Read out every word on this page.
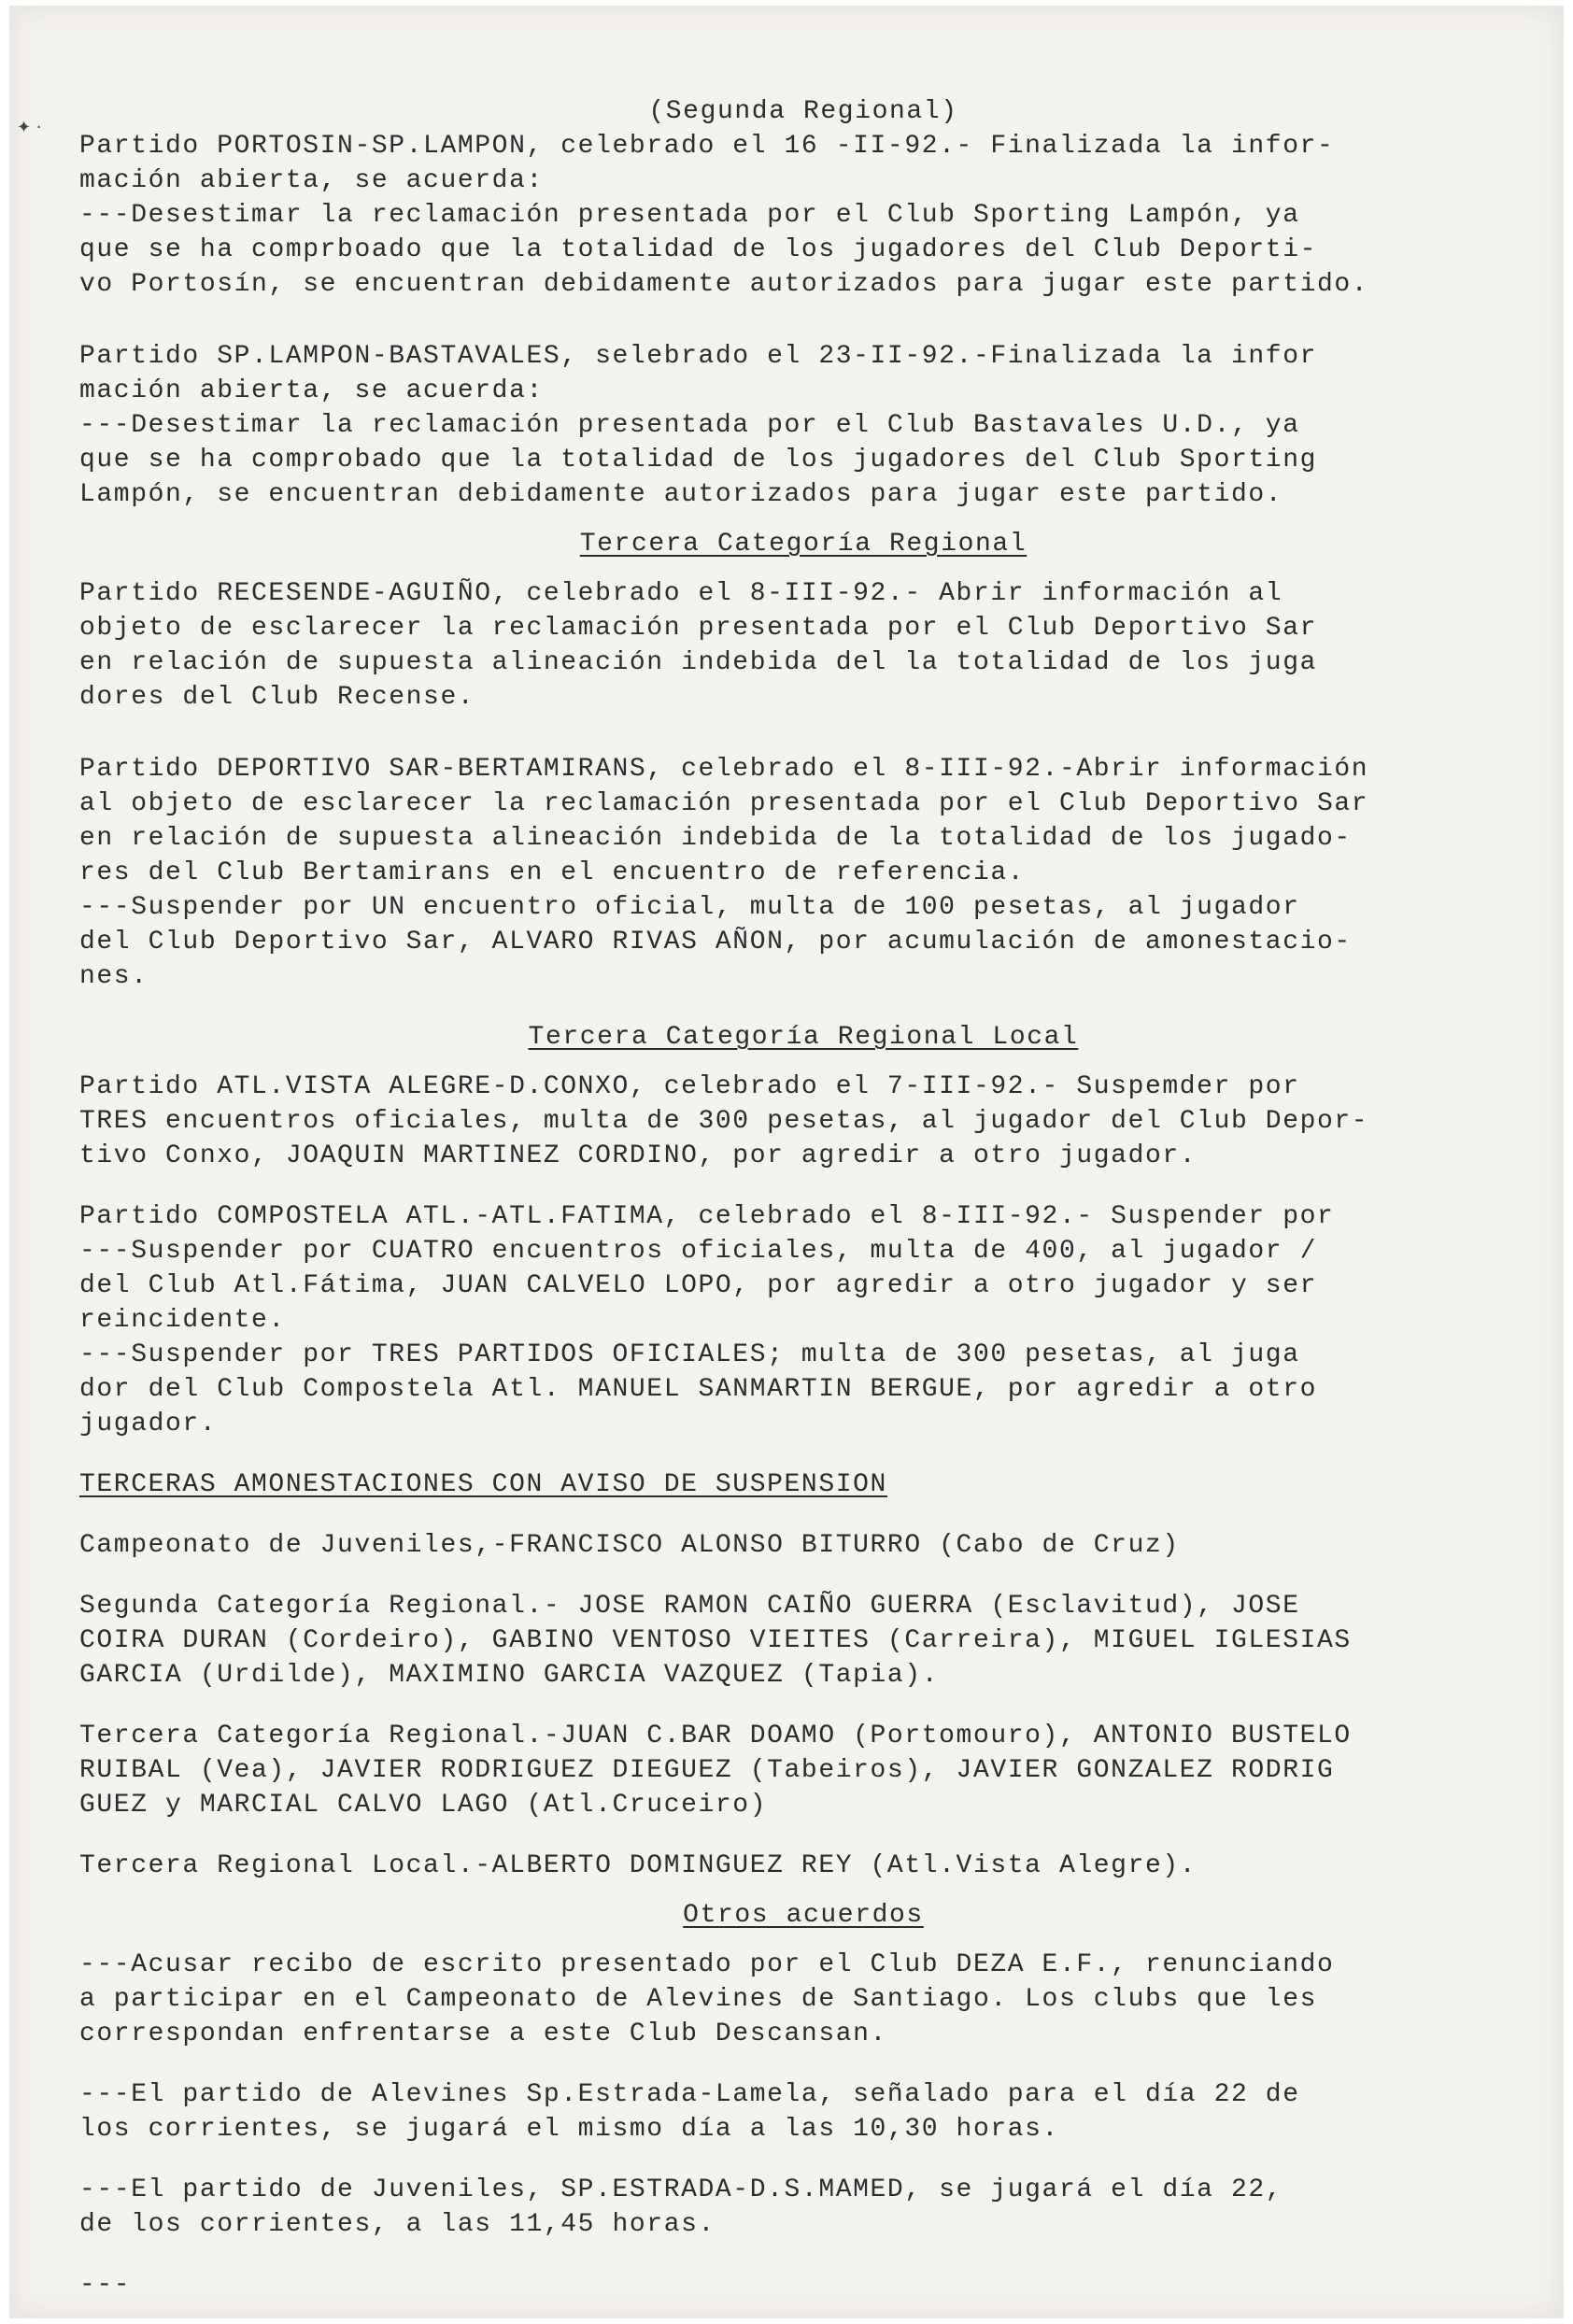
✦ ·

(Segunda Regional)

Partido PORTOSIN-SP.LAMPON, celebrado el 16 -II-92.- Finalizada la infor-

mación abierta, se acuerda:

---Desestimar la reclamación presentada por el Club Sporting Lampón, ya

que se ha comprboado que la totalidad de los jugadores del Club Deporti-

vo Portosín, se encuentran debidamente autorizados para jugar este partido.

Partido SP.LAMPON-BASTAVALES, selebrado el 23-II-92.-Finalizada la infor

mación abierta, se acuerda:

---Desestimar la reclamación presentada por el Club Bastavales U.D., ya

que se ha comprobado que la totalidad de los jugadores del Club Sporting

Lampón, se encuentran debidamente autorizados para jugar este partido.

Tercera Categoría Regional

Partido RECESENDE-AGUIÑO, celebrado el 8-III-92.- Abrir información al

objeto de esclarecer la reclamación presentada por el Club Deportivo Sar

en relación de supuesta alineación indebida del la totalidad de los juga

dores del Club Recense.

Partido DEPORTIVO SAR-BERTAMIRANS, celebrado el 8-III-92.-Abrir información

al objeto de esclarecer la reclamación presentada por el Club Deportivo Sar

en relación de supuesta alineación indebida de la totalidad de los jugado-

res del Club Bertamirans en el encuentro de referencia.

---Suspender por UN encuentro oficial, multa de 100 pesetas, al jugador

del Club Deportivo Sar, ALVARO RIVAS AÑON, por acumulación de amonestacio-

nes.

Tercera Categoría Regional Local

Partido ATL.VISTA ALEGRE-D.CONXO, celebrado el 7-III-92.- Suspemder por

TRES encuentros oficiales, multa de 300 pesetas, al jugador del Club Depor-

tivo Conxo, JOAQUIN MARTINEZ CORDINO, por agredir a otro jugador.

Partido COMPOSTELA ATL.-ATL.FATIMA, celebrado el 8-III-92.- Suspender por

---Suspender por CUATRO encuentros oficiales, multa de 400, al jugador /

del Club Atl.Fátima, JUAN CALVELO LOPO, por agredir a otro jugador y ser

reincidente.

---Suspender por TRES PARTIDOS OFICIALES; multa de 300 pesetas, al juga

dor del Club Compostela Atl. MANUEL SANMARTIN BERGUE, por agredir a otro

jugador.

TERCERAS AMONESTACIONES CON AVISO DE SUSPENSION

Campeonato de Juveniles,-FRANCISCO ALONSO BITURRO (Cabo de Cruz)

Segunda Categoría Regional.- JOSE RAMON CAIÑO GUERRA (Esclavitud), JOSE

COIRA DURAN (Cordeiro), GABINO VENTOSO VIEITES (Carreira), MIGUEL IGLESIAS

GARCIA (Urdilde), MAXIMINO GARCIA VAZQUEZ (Tapia).

Tercera Categoría Regional.-JUAN C.BAR DOAMO (Portomouro), ANTONIO BUSTELO

RUIBAL (Vea), JAVIER RODRIGUEZ DIEGUEZ (Tabeiros), JAVIER GONZALEZ RODRIG

GUEZ y MARCIAL CALVO LAGO (Atl.Cruceiro)

Tercera Regional Local.-ALBERTO DOMINGUEZ REY (Atl.Vista Alegre).

Otros acuerdos

---Acusar recibo de escrito presentado por el Club DEZA E.F., renunciando

a participar en el Campeonato de Alevines de Santiago. Los clubs que les

correspondan enfrentarse a este Club Descansan.

---El partido de Alevines Sp.Estrada-Lamela, señalado para el día 22 de

los corrientes, se jugará el mismo día a las 10,30 horas.

---El partido de Juveniles, SP.ESTRADA-D.S.MAMED, se jugará el día 22,

de los corrientes, a las 11,45 horas.

---
